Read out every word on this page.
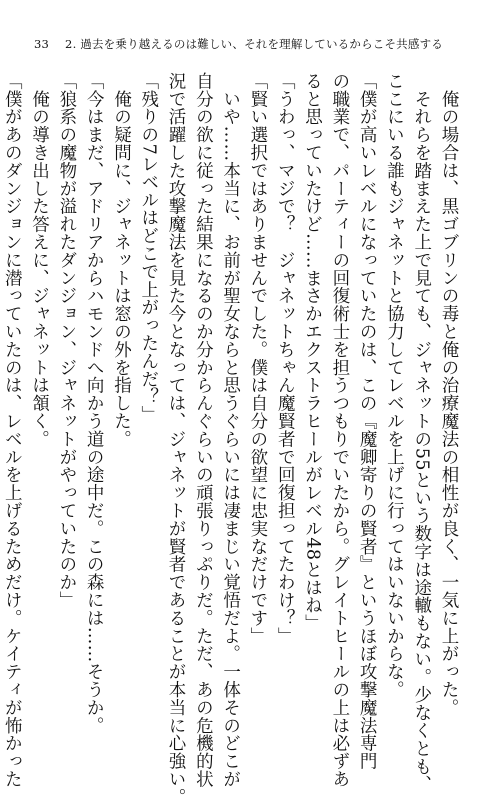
33 2. 過去を乗り越えるのは難しい、それを理解しているからこそ共感する
　俺の場合は、黒ゴブリンの毒と俺の治療魔法の相性が良く、一気に上がった。
　それらを踏まえた上で見ても、ジャネットの55という数字は途轍もない。少なくとも、
ここにいる誰もジャネットと協力してレベルを上げに行ってはいないからな。
「僕が高いレベルになっていたのは、この『魔卿寄りの賢者』というほぼ攻撃魔法専門
の職業で、パーティーの回復術士を担うつもりでいたから。グレイトヒールの上は必ずあ
ると思っていたけど……まさかエクストラヒールがレベル48とはね」
「うわっ、マジで？　ジャネットちゃん魔賢者で回復担ってたわけ？」
「賢い選択ではありませんでした。僕は自分の欲望に忠実なだけです」
　いや……本当に、お前が聖女ならと思うぐらいには凄まじい覚悟だよ。一体そのどこが
自分の欲に従った結果になるのか分からんぐらいの頑張りっぷりだ。ただ、あの危機的状
況で活躍した攻撃魔法を見た今となっては、ジャネットが賢者であることが本当に心強い。
「残りの7レベルはどこで上がったんだ？」
　俺の疑問に、ジャネットは窓の外を指した。
「今はまだ、アドリアからハモンドへ向かう道の途中だ。この森には……そうか。
「狼系の魔物が溢れたダンジョン、ジャネットがやっていたのか」
　俺の導き出した答えに、ジャネットは頷く。
「僕があのダンジョンに潜っていたのは、レベルを上げるためだけ。ケイティが怖かった
